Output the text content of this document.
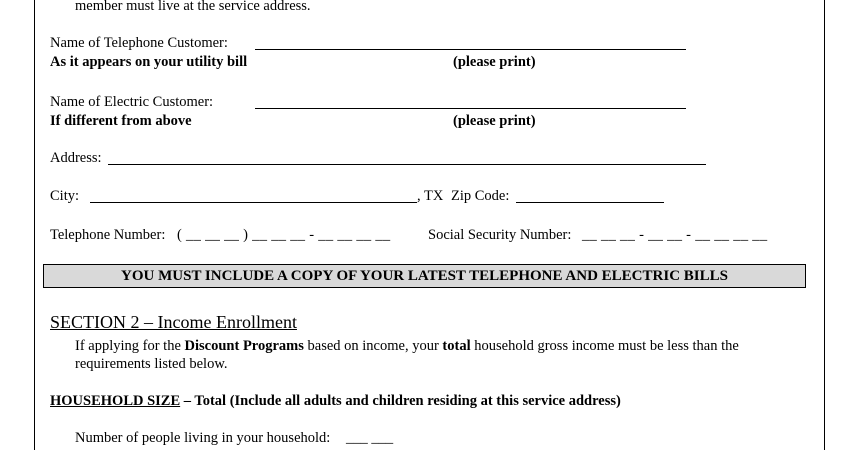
member must live at the service address.
Name of Telephone Customer:
As it appears on your utility bill	(please print)
Name of Electric Customer:
If different from above	(please print)
Address:
City:	, TX Zip Code:
Telephone Number: ( __ __ __ ) __ __ __ - __ __ __ __	Social Security Number: __ __ __ - __ __ - __ __ __ __
YOU MUST INCLUDE A COPY OF YOUR LATEST TELEPHONE AND ELECTRIC BILLS
SECTION 2 – Income Enrollment
If applying for the Discount Programs based on income, your total household gross income must be less than the
requirements listed below.
HOUSEHOLD SIZE – Total (Include all adults and children residing at this service address)
Number of people living in your household: ___ ___
